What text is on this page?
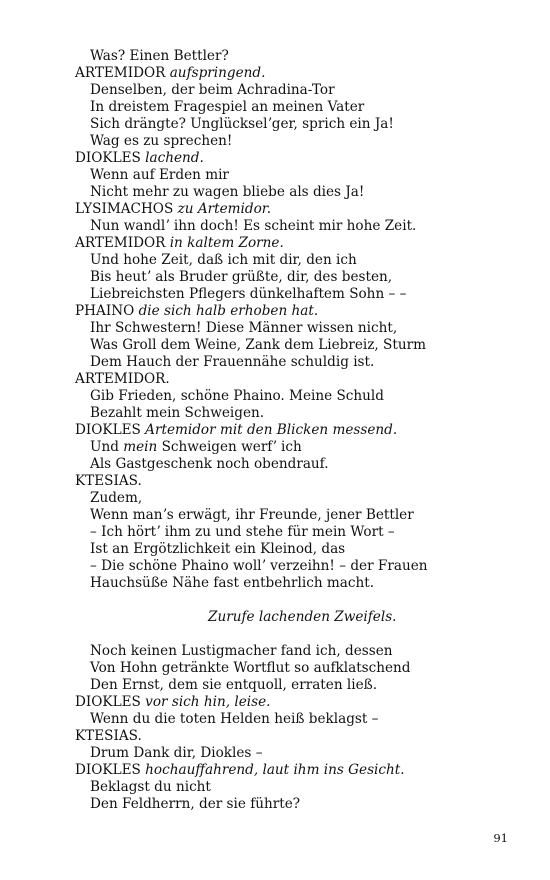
Was? Einen Bettler?
ARTEMIDOR aufspringend.
Denselben, der beim Achradina-Tor
In dreistem Fragespiel an meinen Vater
Sich drängte? Unglückselʼger, sprich ein Ja!
Wag es zu sprechen!
DIOKLES lachend.
Wenn auf Erden mir
Nicht mehr zu wagen bliebe als dies Ja!
LYSIMACHOS zu Artemidor.
Nun wandlʼ ihn doch! Es scheint mir hohe Zeit.
ARTEMIDOR in kaltem Zorne.
Und hohe Zeit, daß ich mit dir, den ich
Bis heutʼ als Bruder grüßte, dir, des besten,
Liebreichsten Pflegers dünkelhaftem Sohn – –
PHAINO die sich halb erhoben hat.
Ihr Schwestern! Diese Männer wissen nicht,
Was Groll dem Weine, Zank dem Liebreiz, Sturm
Dem Hauch der Frauennähe schuldig ist.
ARTEMIDOR.
Gib Frieden, schöne Phaino. Meine Schuld
Bezahlt mein Schweigen.
DIOKLES Artemidor mit den Blicken messend.
Und mein Schweigen werfʼ ich
Als Gastgeschenk noch obendrauf.
KTESIAS.
Zudem,
Wenn manʼs erwägt, ihr Freunde, jener Bettler
– Ich hörtʼ ihm zu und stehe für mein Wort –
Ist an Ergötzlichkeit ein Kleinod, das
– Die schöne Phaino wollʼ verzeihn! – der Frauen
Hauchsüße Nähe fast entbehrlich macht.
Zurufe lachenden Zweifels.
Noch keinen Lustigmacher fand ich, dessen
Von Hohn getränkte Wortflut so aufklatschend
Den Ernst, dem sie entquoll, erraten ließ.
DIOKLES vor sich hin, leise.
Wenn du die toten Helden heiß beklagst –
KTESIAS.
Drum Dank dir, Diokles –
DIOKLES hochauffahrend, laut ihm ins Gesicht.
Beklagst du nicht
Den Feldherrn, der sie führte?
91
